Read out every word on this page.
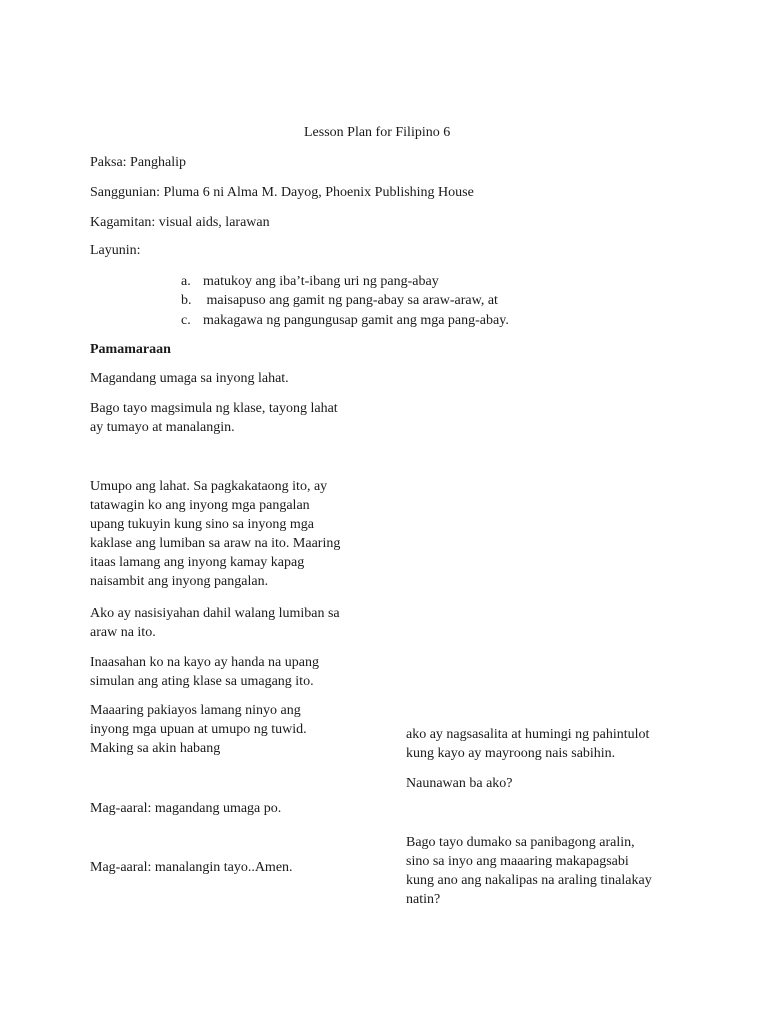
Lesson Plan for Filipino 6
Paksa: Panghalip
Sanggunian: Pluma 6 ni Alma M. Dayog, Phoenix Publishing House
Kagamitan: visual aids, larawan
Layunin:
a. matukoy ang iba’t-ibang uri ng pang-abay
b. maisapuso ang gamit ng pang-abay sa araw-araw, at
c. makagawa ng pangungusap gamit ang mga pang-abay.
Pamamaraan
Magandang umaga sa inyong lahat.
Bago tayo magsimula ng klase, tayong lahat
ay tumayo at manalangin.
Umupo ang lahat. Sa pagkakataong ito, ay
tatawagin ko ang inyong mga pangalan
upang tukuyin kung sino sa inyong mga
kaklase ang lumiban sa araw na ito. Maaring
itaas lamang ang inyong kamay kapag
naisambit ang inyong pangalan.
Ako ay nasisiyahan dahil walang lumiban sa
araw na ito.
Inaasahan ko na kayo ay handa na upang
simulan ang ating klase sa umagang ito.
Maaaring pakiayos lamang ninyo ang
inyong mga upuan at umupo ng tuwid.
Making sa akin habang
Mag-aaral: magandang umaga po.
Mag-aaral: manalangin tayo..Amen.
ako ay nagsasalita at humingi ng pahintulot
kung kayo ay mayroong nais sabihin.
Naunawan ba ako?
Bago tayo dumako sa panibagong aralin,
sino sa inyo ang maaaring makapagsabi
kung ano ang nakalipas na araling tinalakay
natin?
